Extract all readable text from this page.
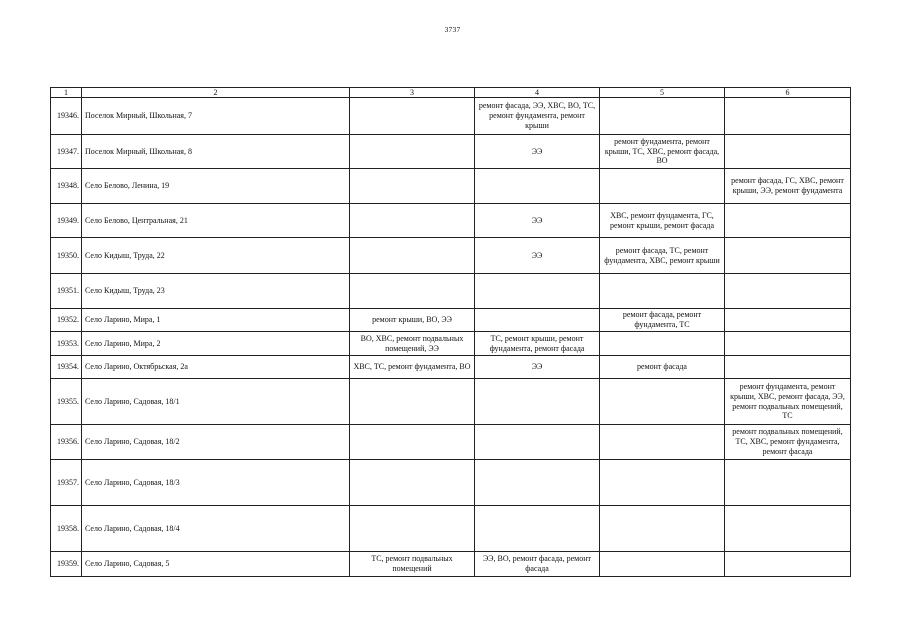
3737
1	2	3	4	5	6
19346.	Поселок Мирный, Школьная, 7		ремонт фасада, ЭЭ, ХВС, ВО, ТС, ремонт фундамента, ремонт крыши		
19347.	Поселок Мирный, Школьная, 8		ЭЭ	ремонт фундамента, ремонт крыши, ТС, ХВС, ремонт фасада, ВО	
19348.	Село Белово, Ленина, 19				ремонт фасада, ГС, ХВС, ремонт крыши, ЭЭ, ремонт фундамента
19349.	Село Белово, Центральная, 21		ЭЭ	ХВС, ремонт фундамента, ГС, ремонт крыши, ремонт фасада	
19350.	Село Кидыш, Труда, 22		ЭЭ	ремонт фасада, ТС, ремонт фундамента, ХВС, ремонт крыши	
19351.	Село Кидыш, Труда, 23				
19352.	Село Ларино, Мира, 1	ремонт крыши, ВО, ЭЭ		ремонт фасада, ремонт фундамента, ТС	
19353.	Село Ларино, Мира, 2	ВО, ХВС, ремонт подвальных помещений, ЭЭ	ТС, ремонт крыши, ремонт фундамента, ремонт фасада		
19354.	Село Ларино, Октябрьская, 2а	ХВС, ТС, ремонт фундамента, ВО	ЭЭ	ремонт фасада	
19355.	Село Ларино, Садовая, 18/1				ремонт фундамента, ремонт крыши, ХВС, ремонт фасада, ЭЭ, ремонт подвальных помещений, ТС
19356.	Село Ларино, Садовая, 18/2				ремонт подвальных помещений, ТС, ХВС, ремонт фундамента, ремонт фасада
19357.	Село Ларино, Садовая, 18/3				
19358.	Село Ларино, Садовая, 18/4				
19359.	Село Ларино, Садовая, 5	ТС, ремонт подвальных помещений	ЭЭ, ВО, ремонт фасада, ремонт фасада		
